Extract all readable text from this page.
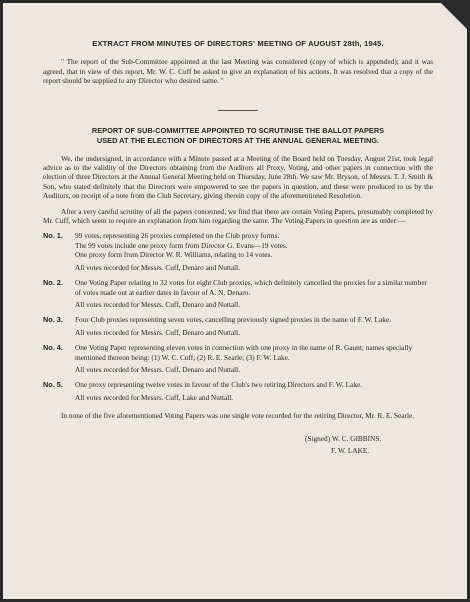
EXTRACT FROM MINUTES OF DIRECTORS' MEETING OF AUGUST 28th, 1945.

" The report of the Sub-Committee appointed at the last Meeting was considered (copy of which is appended); and it was agreed, that in view of this report, Mr. W. C. Cuff be asked to give an explanation of his actions. It was resolved that a copy of the report should be supplied to any Director who desired same. "

REPORT OF SUB-COMMITTEE APPOINTED TO SCRUTINISE THE BALLOT PAPERS
USED AT THE ELECTION OF DIRECTORS AT THE ANNUAL GENERAL MEETING.

We, the undersigned, in accordance with a Minute passed at a Meeting of the Board held on Tuesday, August 21st, took legal advice as to the validity of the Directors obtaining from the Auditors all Proxy, Voting, and other papers in connection with the election of three Directors at the Annual General Meeting held on Thursday, June 28th. We saw Mr. Bryson, of Messrs. T. J. Smith & Son, who stated definitely that the Directors were empowered to see the papers in question, and these were produced to us by the Auditors, on receipt of a note from the Club Secretary, giving therein copy of the aforementioned Resolution.

After a very careful scrutiny of all the papers concerned, we find that there are certain Voting Papers, presumably completed by Mr. Cuff, which seem to require an explanation from him regarding the same. The Voting Papers in question are as under:—

No. 1.	99 votes, representing 26 proxies completed on the Club proxy forms.
The 99 votes include one proxy form from Director G. Evans—19 votes.
One proxy form from Director W. R. Williams, relating to 14 votes.
All votes recorded for Messrs. Cuff, Denaro and Nuttall.
No. 2.	One Voting Paper relating to 32 votes for eight Club proxies, which definitely cancelled the proxies for a similar number of votes made out at earlier dates in favour of A. N. Denaro.
All votes recorded for Messrs. Cuff, Denaro and Nuttall.
No. 3.	Four Club proxies representing seven votes, cancelling previously signed proxies in the name of F. W. Lake.
All votes recorded for Messrs. Cuff, Denaro and Nuttall.
No. 4.	One Voting Paper representing eleven votes in connection with one proxy in the name of R. Gaunt; names specially mentioned thereon being: (1) W. C. Cuff; (2) R. E. Searle; (3) F. W. Lake.
All votes recorded for Messrs. Cuff, Denaro and Nuttall.
No. 5.	One proxy representing twelve votes in favour of the Club's two retiring Directors and F. W. Lake.
All votes recorded for Messrs. Cuff, Lake and Nuttall.

In none of the five aforementioned Voting Papers was one single vote recorded for the retiring Director, Mr. R. E. Searle.

(Signed) W. C. GIBBINS.
F. W. LAKE.
